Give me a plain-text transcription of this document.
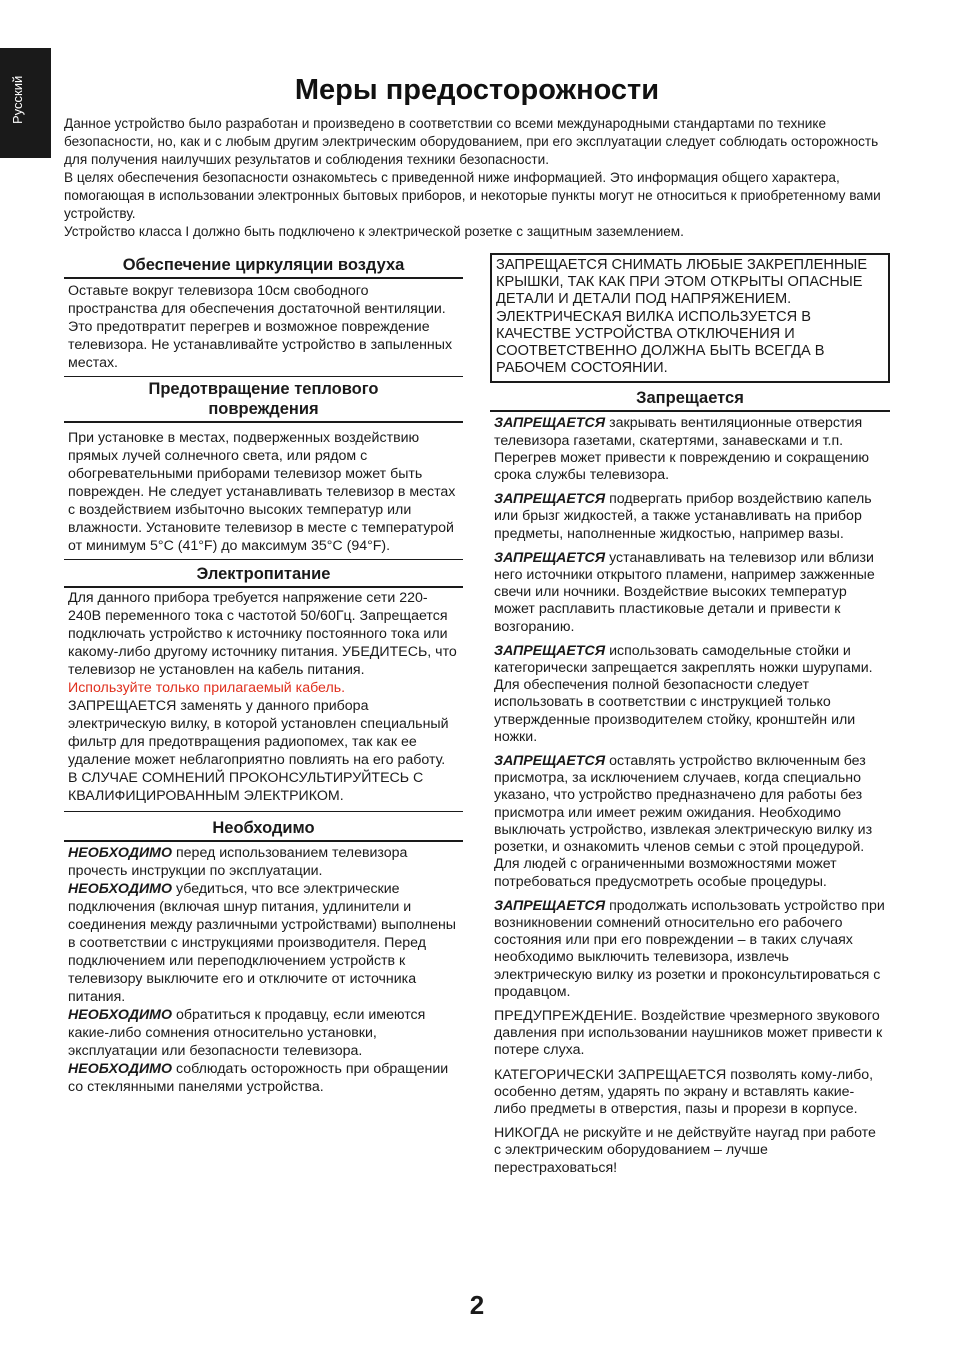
Русский	Меры предосторожности

Данное устройство было разработан и произведено в соответствии со всеми международными стандартами по технике безопасности, но, как и с любым другим электрическим оборудованием, при его эксплуатации следует соблюдать осторожность для получения наилучших результатов и соблюдения техники безопасности.

В целях обеспечения безопасности ознакомьтесь с приведенной ниже информацией. Это информация общего характера, помогающая в использовании электронных бытовых приборов, и некоторые пункты могут не относиться к приобретенному вами устройству.

Устройство класса I должно быть подключено к электрической розетке с защитным заземлением.

Обеспечение циркуляции воздуха

Оставьте вокруг телевизора 10см свободного пространства для обеспечения достаточной вентиляции. Это предотвратит перегрев и возможное повреждение телевизора. Не устанавливайте устройство в запыленных местах.

Предотвращение теплового
повреждения

При установке в местах, подверженных воздействию прямых лучей солнечного света, или рядом с обогревательными приборами телевизор может быть поврежден. Не следует устанавливать телевизор в местах с воздействием избыточно высоких температур или влажности. Установите телевизор в месте с температурой от минимум 5°C (41°F) до максимум 35°C (94°F).

Электропитание

Для данного прибора требуется напряжение сети 220-240В переменного тока с частотой 50/60Гц. Запрещается подключать устройство к источнику постоянного тока или какому-либо другому источнику питания. УБЕДИТЕСЬ, что телевизор не установлен на кабель питания.

Используйте только прилагаемый кабель.

ЗАПРЕЩАЕТСЯ заменять у данного прибора электрическую вилку, в которой установлен специальный фильтр для предотвращения радиопомех, так как ее удаление может неблагоприятно повлиять на его работу.

В СЛУЧАЕ СОМНЕНИЙ ПРОКОНСУЛЬТИРУЙТЕСЬ С КВАЛИФИЦИРОВАННЫМ ЭЛЕКТРИКОМ.

Необходимо

НЕОБХОДИМО перед использованием телевизора прочесть инструкции по эксплуатации.

НЕОБХОДИМО убедиться, что все электрические подключения (включая шнур питания, удлинители и соединения между различными устройствами) выполнены в соответствии с инструкциями производителя. Перед подключением или переподключением устройств к телевизору выключите его и отключите от источника питания.

НЕОБХОДИМО обратиться к продавцу, если имеются какие-либо сомнения относительно установки, эксплуатации или безопасности телевизора.

НЕОБХОДИМО соблюдать осторожность при обращении со стеклянными панелями устройства.

ЗАПРЕЩАЕТСЯ СНИМАТЬ ЛЮБЫЕ ЗАКРЕПЛЕННЫЕ КРЫШКИ, ТАК КАК ПРИ ЭТОМ ОТКРЫТЫ ОПАСНЫЕ ДЕТАЛИ И ДЕТАЛИ ПОД НАПРЯЖЕНИЕМ.

ЭЛЕКТРИЧЕСКАЯ ВИЛКА ИСПОЛЬЗУЕТСЯ В КАЧЕСТВЕ УСТРОЙСТВА ОТКЛЮЧЕНИЯ И СООТВЕТСТВЕННО ДОЛЖНА БЫТЬ ВСЕГДА В РАБОЧЕМ СОСТОЯНИИ.

Запрещается

ЗАПРЕЩАЕТСЯ закрывать вентиляционные отверстия телевизора газетами, скатертями, занавесками и т.п. Перегрев может привести к повреждению и сокращению срока службы телевизора.

ЗАПРЕЩАЕТСЯ подвергать прибор воздействию капель или брызг жидкостей, а также устанавливать на прибор предметы, наполненные жидкостью, например вазы.

ЗАПРЕЩАЕТСЯ устанавливать на телевизор или вблизи него источники открытого пламени, например зажженные свечи или ночники. Воздействие высоких температур может расплавить пластиковые детали и привести к возгоранию.

ЗАПРЕЩАЕТСЯ использовать самодельные стойки и категорически запрещается закреплять ножки шурупами. Для обеспечения полной безопасности следует использовать в соответствии с инструкцией только утвержденные производителем стойку, кронштейн или ножки.

ЗАПРЕЩАЕТСЯ оставлять устройство включенным без присмотра, за исключением случаев, когда специально указано, что устройство предназначено для работы без присмотра или имеет режим ожидания. Необходимо выключать устройство, извлекая электрическую вилку из розетки, и ознакомить членов семьи с этой процедурой. Для людей с ограниченными возможностями может потребоваться предусмотреть особые процедуры.

ЗАПРЕЩАЕТСЯ продолжать использовать устройство при возникновении сомнений относительно его рабочего состояния или при его повреждении – в таких случаях необходимо выключить телевизора, извлечь электрическую вилку из розетки и проконсультироваться с продавцом.

ПРЕДУПРЕЖДЕНИЕ. Воздействие чрезмерного звукового давления при использовании наушников может привести к потере слуха.

КАТЕГОРИЧЕСКИ ЗАПРЕЩАЕТСЯ позволять кому-либо, особенно детям, ударять по экрану и вставлять какие-либо предметы в отверстия, пазы и прорези в корпусе.

НИКОГДА не рискуйте и не действуйте наугад при работе с электрическим оборудованием – лучше перестраховаться!

2
